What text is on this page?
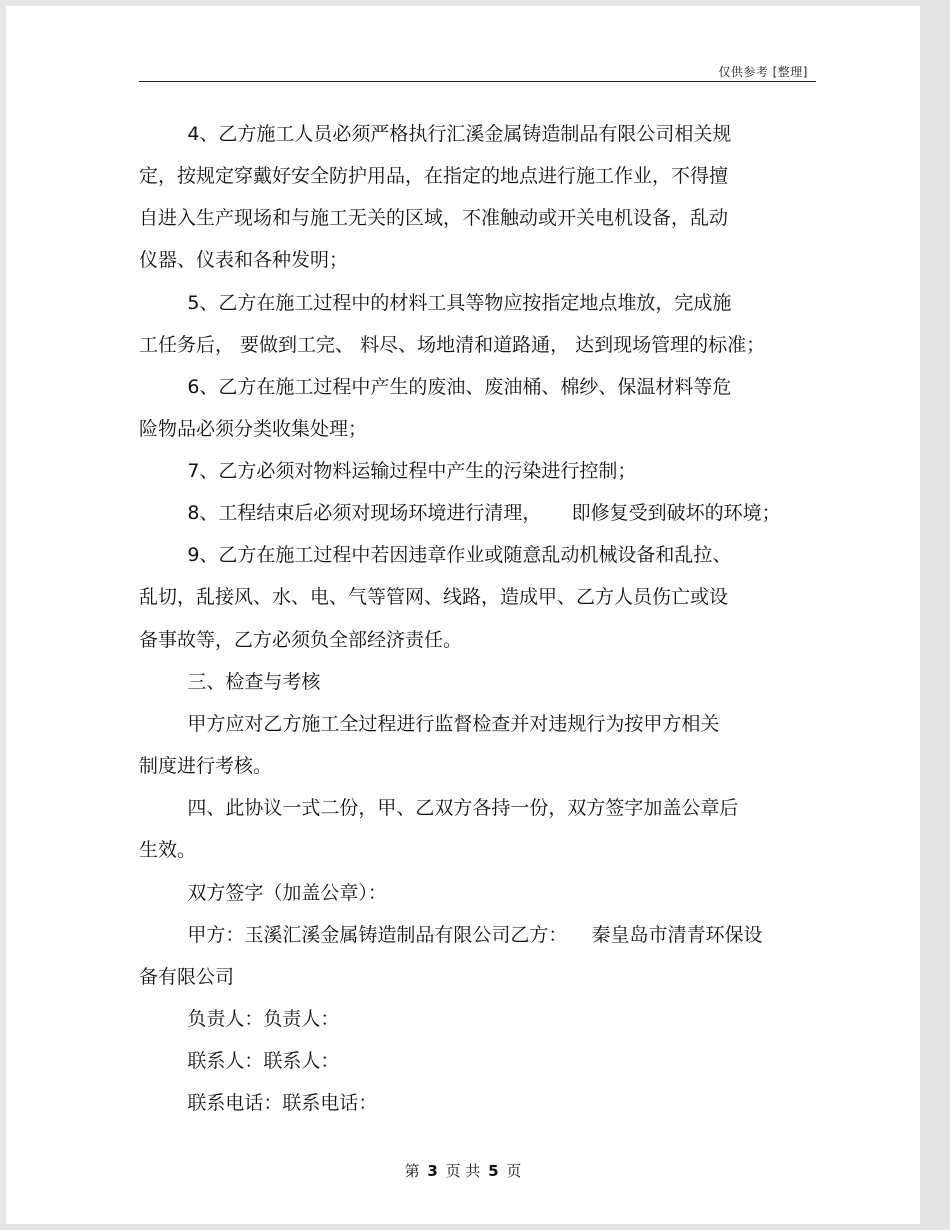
仅供参考 [整理]
4、乙方施工人员必须严格执行汇溪金属铸造制品有限公司相关规
定，按规定穿戴好安全防护用品，在指定的地点进行施工作业，不得擅
自进入生产现场和与施工无关的区域，不准触动或开关电机设备，乱动
仪器、仪表和各种发明；
5、乙方在施工过程中的材料工具等物应按指定地点堆放，完成施
工任务后， 要做到工完、 料尽、场地清和道路通， 达到现场管理的标准；
6、乙方在施工过程中产生的废油、废油桶、棉纱、保温材料等危
险物品必须分类收集处理；
7、乙方必须对物料运输过程中产生的污染进行控制；
8、工程结束后必须对现场环境进行清理，     即修复受到破坏的环境；
9、乙方在施工过程中若因违章作业或随意乱动机械设备和乱拉、
乱切，乱接风、水、电、气等管网、线路，造成甲、乙方人员伤亡或设
备事故等，乙方必须负全部经济责任。
三、检查与考核
甲方应对乙方施工全过程进行监督检查并对违规行为按甲方相关
制度进行考核。
四、此协议一式二份，甲、乙双方各持一份，双方签字加盖公章后
生效。
双方签字（加盖公章）：
甲方：玉溪汇溪金属铸造制品有限公司乙方：    秦皇岛市清青环保设
备有限公司
负责人：负责人：
联系人：联系人：
联系电话：联系电话：
第 3 页 共 5 页
